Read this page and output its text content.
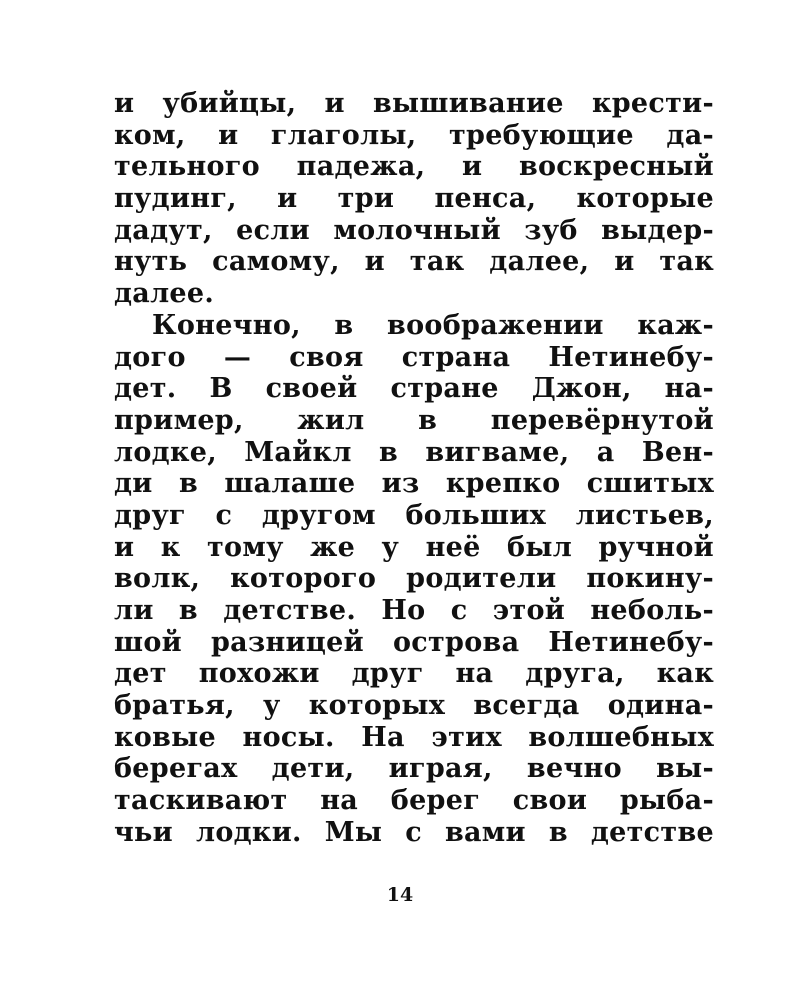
и убийцы, и вышивание крести-
ком, и глаголы, требующие да-
тельного падежа, и воскресный
пудинг, и три пенса, которые
дадут, если молочный зуб выдер-
нуть самому, и так далее, и так
далее.
Конечно, в воображении каж-
дого — своя страна Нетинебу-
дет. В своей стране Джон, на-
пример, жил в перевёрнутой
лодке, Майкл в вигваме, а Вен-
ди в шалаше из крепко сшитых
друг с другом больших листьев,
и к тому же у неё был ручной
волк, которого родители покину-
ли в детстве. Но с этой неболь-
шой разницей острова Нетинебу-
дет похожи друг на друга, как
братья, у которых всегда одина-
ковые носы. На этих волшебных
берегах дети, играя, вечно вы-
таскивают на берег свои рыба-
чьи лодки. Мы с вами в детстве
14
